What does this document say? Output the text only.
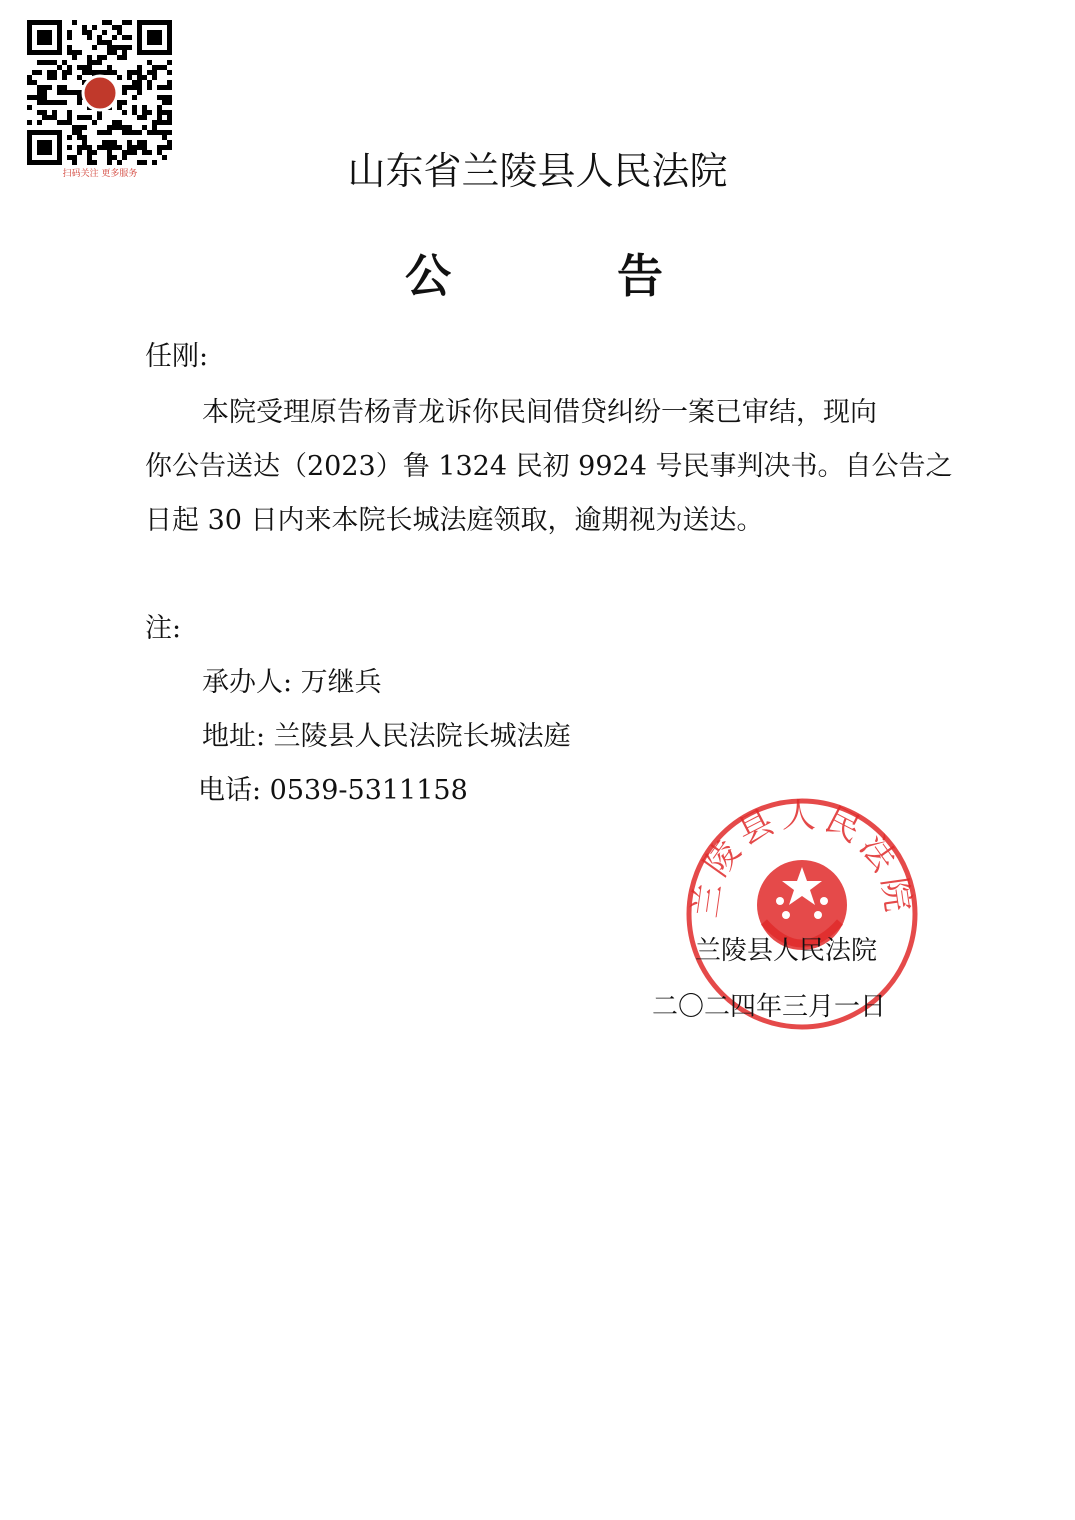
扫码关注 更多服务	山东省兰陵县人民法院
公	告
任刚:
本院受理原告杨青龙诉你民间借贷纠纷一案已审结，现向
你公告送达（2023）鲁 1324 民初 9924 号民事判决书。自公告之
日起 30 日内来本院长城法庭领取，逾期视为送达。
注:
承办人: 万继兵
地址: 兰陵县人民法院长城法庭
电话: 0539-5311158
兰陵县人民法院
兰陵县人民法院
二〇二四年三月一日
